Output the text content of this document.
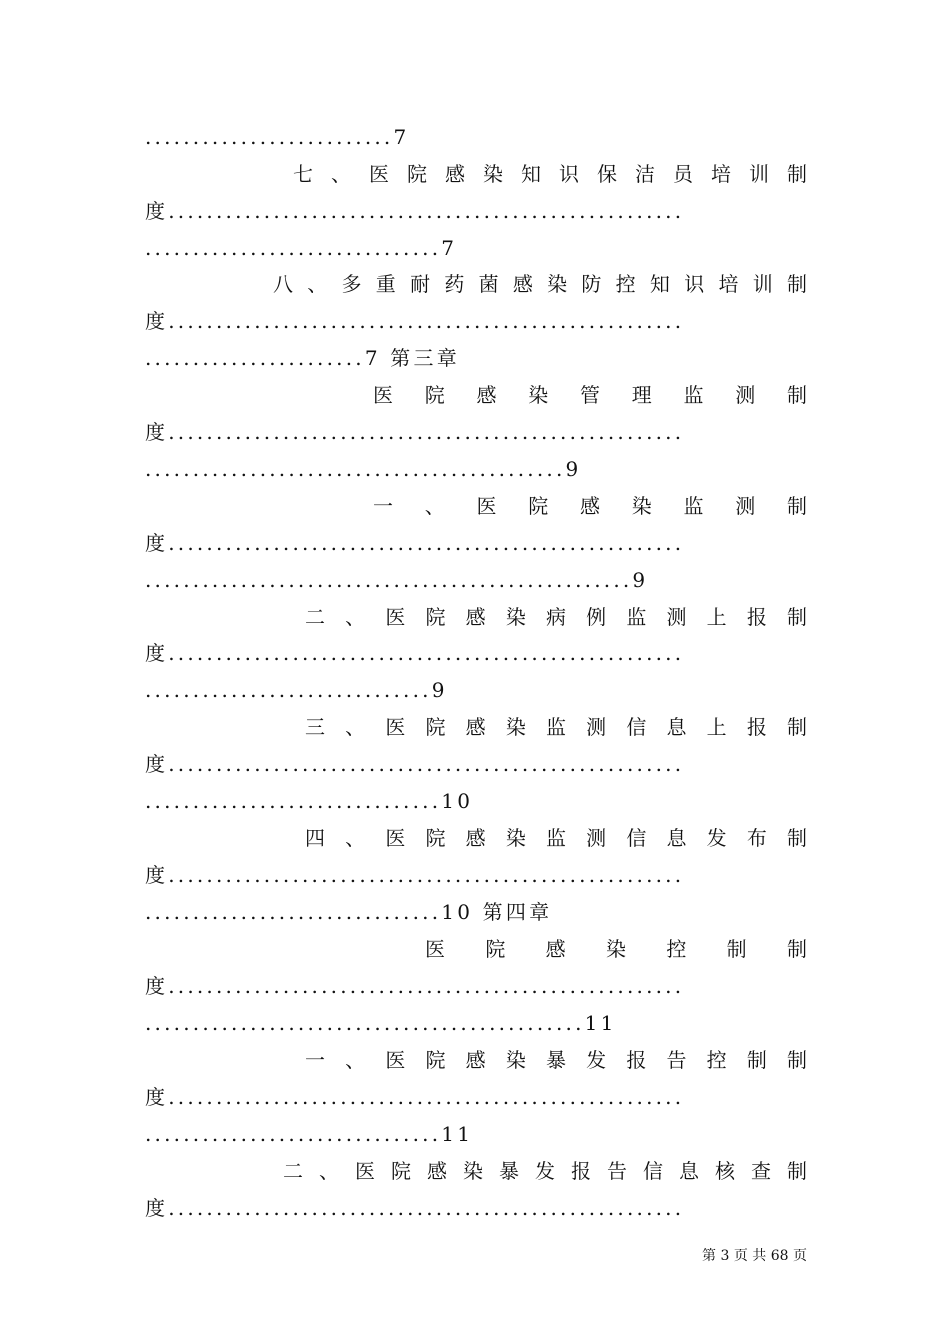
..........................7
七 、 医 院 感 染 知 识 保 洁 员 培 训 制
度......................................................
...............................7
八 、 多 重 耐 药 菌 感 染 防 控 知 识 培 训 制
度......................................................
.......................7 第三章
医 院 感 染 管 理 监 测 制
度......................................................
............................................9
一 、 医 院 感 染 监 测 制
度......................................................
...................................................9
二 、 医 院 感 染 病 例 监 测 上 报 制
度......................................................
..............................9
三 、 医 院 感 染 监 测 信 息 上 报 制
度......................................................
...............................10
四 、 医 院 感 染 监 测 信 息 发 布 制
度......................................................
...............................10 第四章
医 院 感 染 控 制 制
度......................................................
..............................................11
一 、 医 院 感 染 暴 发 报 告 控 制 制
度......................................................
...............................11
二 、 医 院 感 染 暴 发 报 告 信 息 核 查 制
度......................................................
第 3 页 共 68 页
